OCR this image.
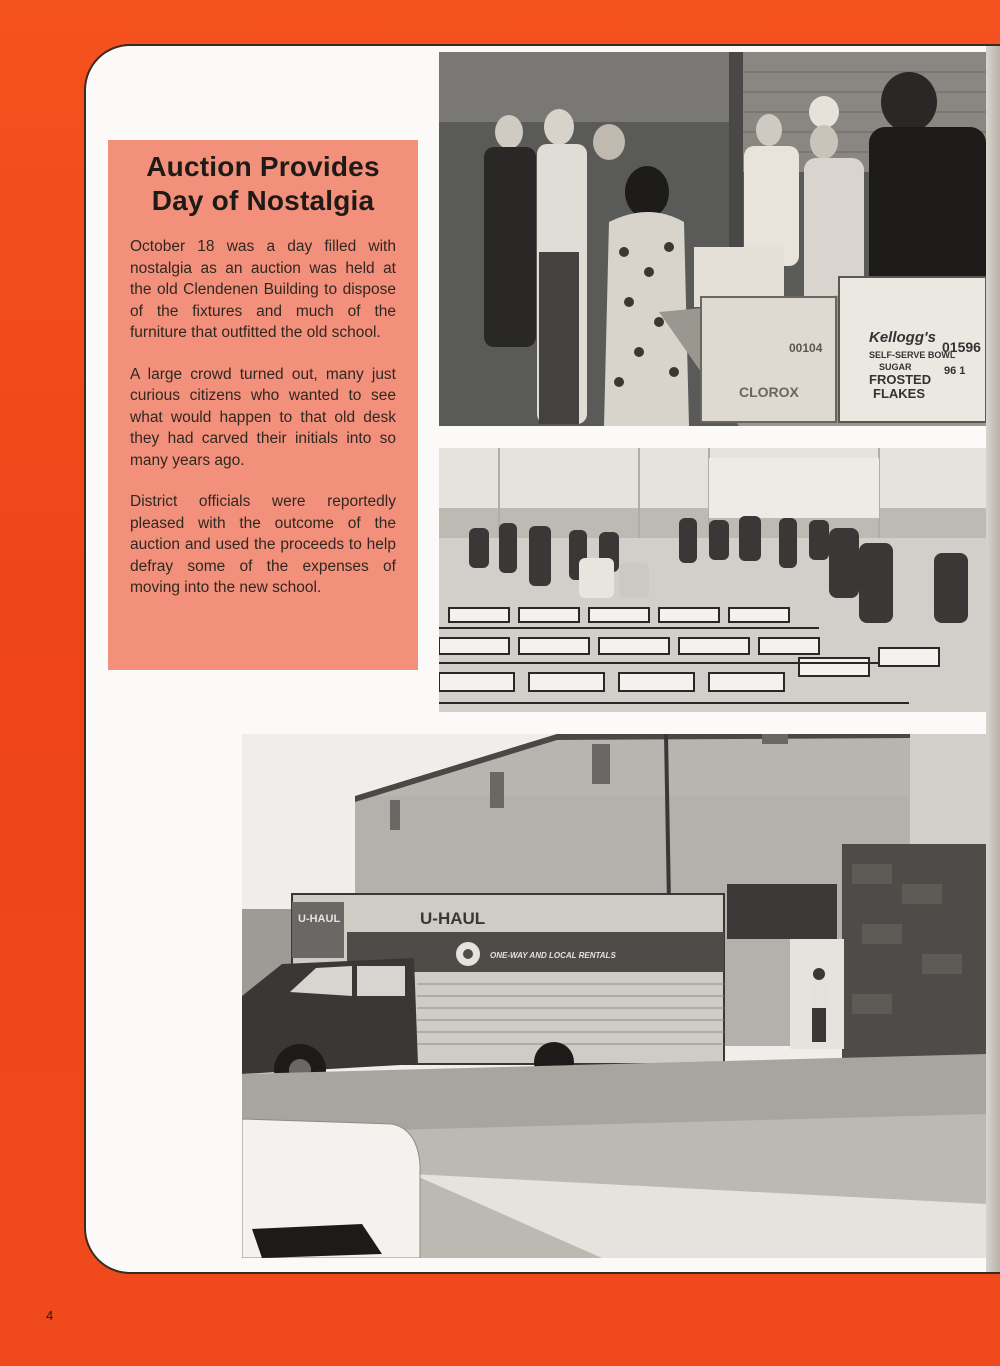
Auction Provides Day of Nostalgia

October 18 was a day filled with nostalgia as an auction was held at the old Clendenen Building to dispose of the fixtures and much of the furniture that outfitted the old school.

A large crowd turned out, many just curious citizens who wanted to see what would happen to that old desk they had carved their initials into so many years ago.

District officials were reportedly pleased with the outcome of the auction and used the proceeds to help defray some of the expenses of moving into the new school.

00104
CLOROX
Kellogg's
SELF-SERVE BOWL
SUGAR
FROSTED
FLAKES
01596
96 1
U-HAUL
ONE-WAY AND LOCAL RENTALS
U-HAUL
4
